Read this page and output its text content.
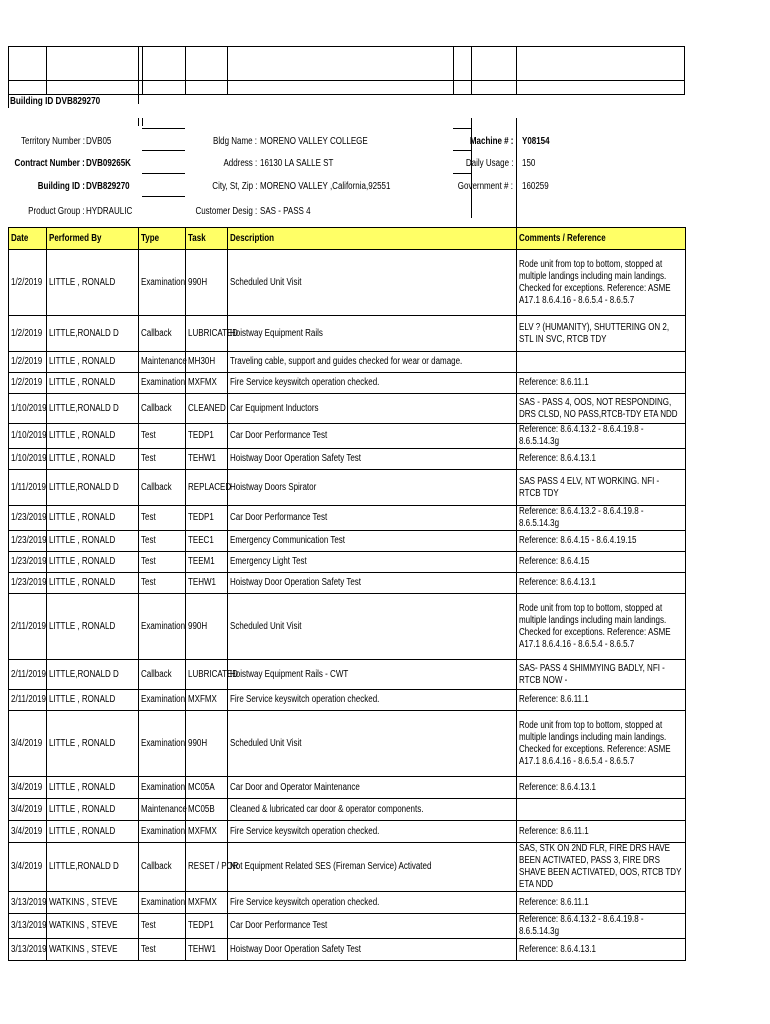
Building ID DVB829270
Territory Number : DVB05
Contract Number : DVB09265K
Building ID : DVB829270
Product Group : HYDRAULIC
Bldg Name : MORENO VALLEY COLLEGE
Address : 16130 LA SALLE ST
City, St, Zip : MORENO VALLEY ,California,92551
Customer Desig : SAS - PASS 4
Machine # : Y08154
Daily Usage : 150
Government # : 160259
Date	Performed By	Type	Task	Description	Comments / Reference
1/2/2019	LITTLE , RONALD	Examination	990H	Scheduled Unit Visit	Rode unit from top to bottom, stopped at multiple landings including main landings. Checked for exceptions. Reference: ASME A17.1 8.6.4.16 - 8.6.5.4 - 8.6.5.7

1/2/2019	LITTLE,RONALD D	Callback	LUBRICATED	Hoistway Equipment Rails	ELV ? (HUMANITY), SHUTTERING ON 2, STL IN SVC, RTCB TDY

1/2/2019	LITTLE , RONALD	Maintenance	MH30H	Traveling cable, support and guides checked for wear or damage.	

1/2/2019	LITTLE , RONALD	Examination	MXFMX	Fire Service keyswitch operation checked.	Reference: 8.6.11.1

1/10/2019	LITTLE,RONALD D	Callback	CLEANED	Car Equipment Inductors	SAS - PASS 4, OOS, NOT RESPONDING, DRS CLSD, NO PASS,RTCB-TDY ETA NDD

1/10/2019	LITTLE , RONALD	Test	TEDP1	Car Door Performance Test	Reference: 8.6.4.13.2 - 8.6.4.19.8 - 8.6.5.14.3g

1/10/2019	LITTLE , RONALD	Test	TEHW1	Hoistway Door Operation Safety Test	Reference: 8.6.4.13.1

1/11/2019	LITTLE,RONALD D	Callback	REPLACED	Hoistway Doors Spirator	SAS PASS 4 ELV, NT WORKING. NFI - RTCB TDY

1/23/2019	LITTLE , RONALD	Test	TEDP1	Car Door Performance Test	Reference: 8.6.4.13.2 - 8.6.4.19.8 - 8.6.5.14.3g

1/23/2019	LITTLE , RONALD	Test	TEEC1	Emergency Communication Test	Reference: 8.6.4.15 - 8.6.4.19.15

1/23/2019	LITTLE , RONALD	Test	TEEM1	Emergency Light Test	Reference: 8.6.4.15

1/23/2019	LITTLE , RONALD	Test	TEHW1	Hoistway Door Operation Safety Test	Reference: 8.6.4.13.1

2/11/2019	LITTLE , RONALD	Examination	990H	Scheduled Unit Visit	Rode unit from top to bottom, stopped at multiple landings including main landings. Checked for exceptions. Reference: ASME A17.1 8.6.4.16 - 8.6.5.4 - 8.6.5.7

2/11/2019	LITTLE,RONALD D	Callback	LUBRICATED	Hoistway Equipment Rails - CWT	SAS- PASS 4 SHIMMYING BADLY, NFI - RTCB NOW -

2/11/2019	LITTLE , RONALD	Examination	MXFMX	Fire Service keyswitch operation checked.	Reference: 8.6.11.1

3/4/2019	LITTLE , RONALD	Examination	990H	Scheduled Unit Visit	Rode unit from top to bottom, stopped at multiple landings including main landings. Checked for exceptions. Reference: ASME A17.1 8.6.4.16 - 8.6.5.4 - 8.6.5.7

3/4/2019	LITTLE , RONALD	Examination	MC05A	Car Door and Operator Maintenance	Reference: 8.6.4.13.1

3/4/2019	LITTLE , RONALD	Maintenance	MC05B	Cleaned & lubricated car door & operator components.	

3/4/2019	LITTLE , RONALD	Examination	MXFMX	Fire Service keyswitch operation checked.	Reference: 8.6.11.1

3/4/2019	LITTLE,RONALD D	Callback	RESET / POR	Not Equipment Related SES (Fireman Service) Activated	SAS, STK ON 2ND FLR, FIRE DRS HAVE BEEN ACTIVATED, PASS 3, FIRE DRS SHAVE BEEN ACTIVATED, OOS, RTCB TDY ETA NDD

3/13/2019	WATKINS , STEVE	Examination	MXFMX	Fire Service keyswitch operation checked.	Reference: 8.6.11.1

3/13/2019	WATKINS , STEVE	Test	TEDP1	Car Door Performance Test	Reference: 8.6.4.13.2 - 8.6.4.19.8 - 8.6.5.14.3g

3/13/2019	WATKINS , STEVE	Test	TEHW1	Hoistway Door Operation Safety Test	Reference: 8.6.4.13.1
